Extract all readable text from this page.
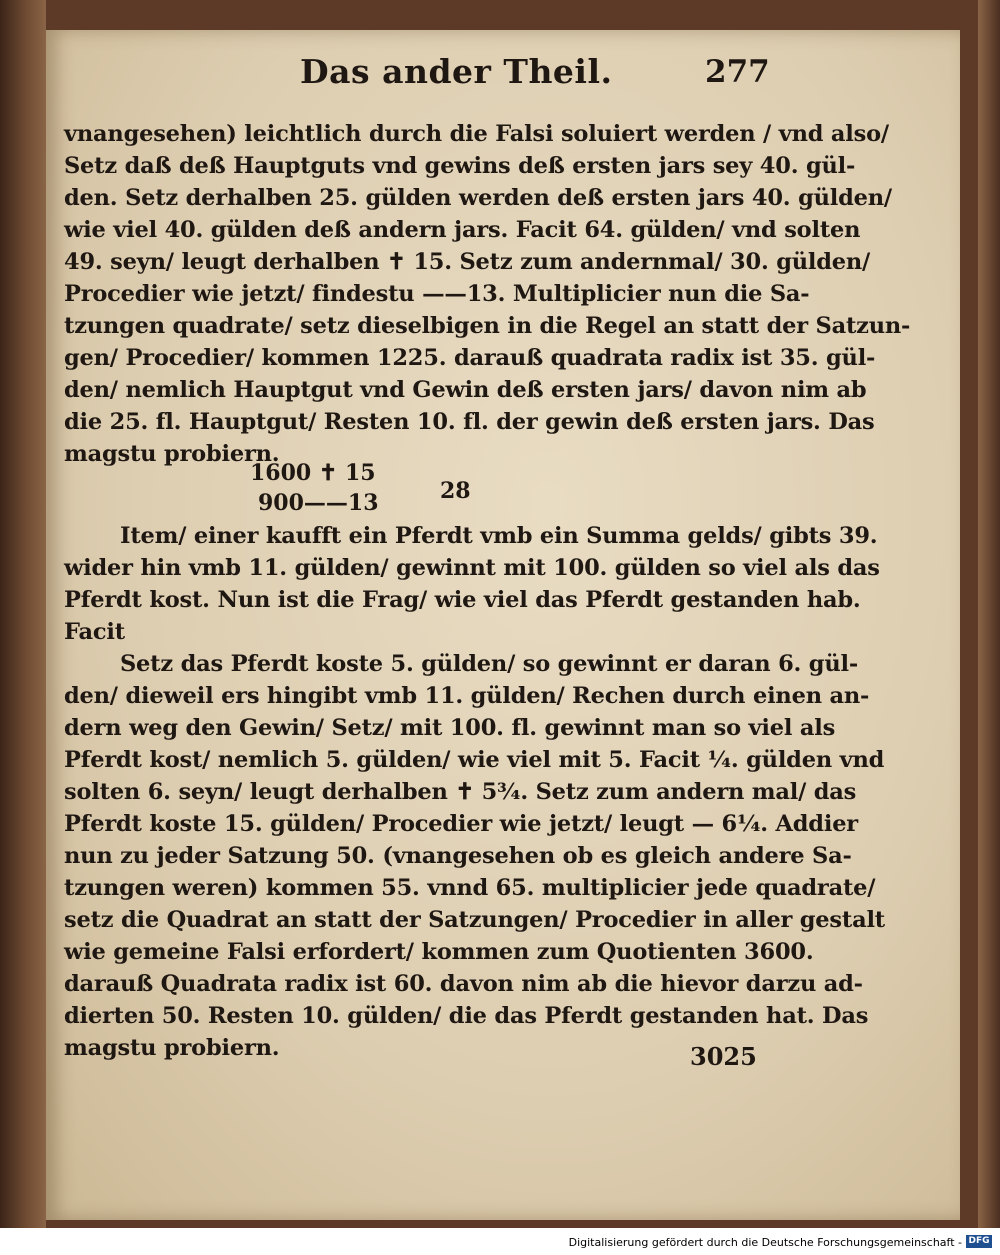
Das ander Theil.	277
vnangesehen) leichtlich durch die Falsi soluiert werden / vnd also/
Setz daß deß Hauptguts vnd gewins deß ersten jars sey 40. gül-
den. Setz derhalben 25. gülden werden deß ersten jars 40. gülden/
wie viel 40. gülden deß andern jars. Facit 64. gülden/ vnd solten
49. seyn/ leugt derhalben ✝ 15. Setz zum andernmal/ 30. gülden/
Procedier wie jetzt/ findestu ——13. Multiplicier nun die Sa-
tzungen quadrate/ setz dieselbigen in die Regel an statt der Satzun-
gen/ Procedier/ kommen 1225. darauß quadrata radix ist 35. gül-
den/ nemlich Hauptgut vnd Gewin deß ersten jars/ davon nim ab
die 25. fl. Hauptgut/ Resten 10. fl. der gewin deß ersten jars. Das
magstu probiern.
1600 ✝ 15
900——13	28
Item/ einer kaufft ein Pferdt vmb ein Summa gelds/ gibts 39.
wider hin vmb 11. gülden/ gewinnt mit 100. gülden so viel als das
Pferdt kost. Nun ist die Frag/ wie viel das Pferdt gestanden hab.
Facit
Setz das Pferdt koste 5. gülden/ so gewinnt er daran 6. gül-
den/ dieweil ers hingibt vmb 11. gülden/ Rechen durch einen an-
dern weg den Gewin/ Setz/ mit 100. fl. gewinnt man so viel als
Pferdt kost/ nemlich 5. gülden/ wie viel mit 5. Facit ¼. gülden vnd
solten 6. seyn/ leugt derhalben ✝ 5¾. Setz zum andern mal/ das
Pferdt koste 15. gülden/ Procedier wie jetzt/ leugt — 6¼. Addier
nun zu jeder Satzung 50. (vnangesehen ob es gleich andere Sa-
tzungen weren) kommen 55. vnnd 65. multiplicier jede quadrate/
setz die Quadrat an statt der Satzungen/ Procedier in aller gestalt
wie gemeine Falsi erfordert/ kommen zum Quotienten 3600.
darauß Quadrata radix ist 60. davon nim ab die hievor darzu ad-
dierten 50. Resten 10. gülden/ die das Pferdt gestanden hat. Das
magstu probiern.	3025
Digitalisierung gefördert durch die Deutsche Forschungsgemeinschaft - DFG
